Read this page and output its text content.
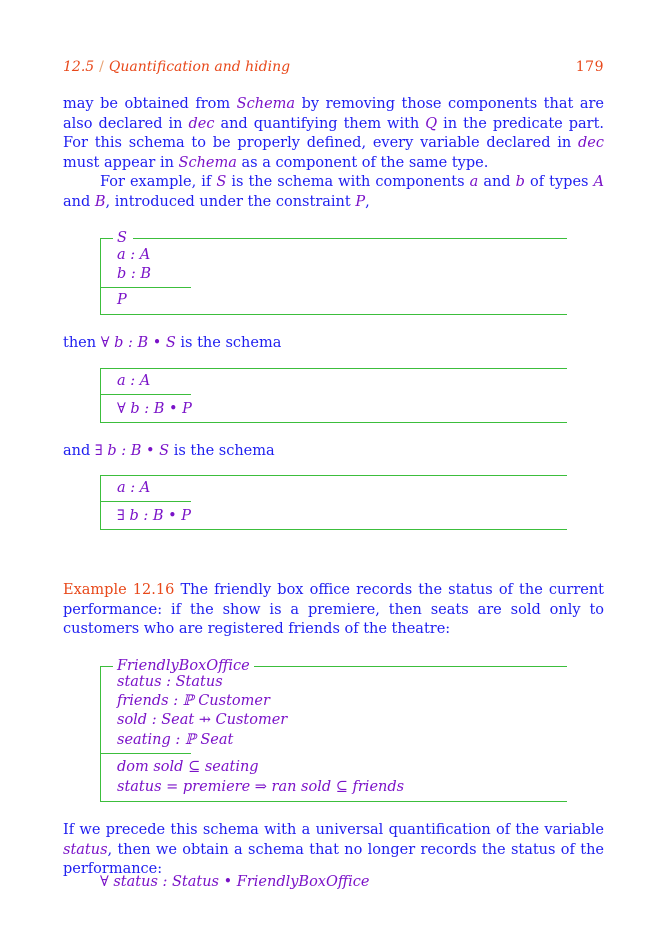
12.5 / Quantification and hiding	179

may be obtained from Schema by removing those components that are also declared in dec and quantifying them with Q in the predicate part. For this schema to be properly defined, every variable declared in dec must appear in Schema as a component of the same type.

For example, if S is the schema with components a and b of types A and B, introduced under the constraint P,

S
a : A
b : B
P

then ∀ b : B • S is the schema

a : A
∀ b : B • P

and ∃ b : B • S is the schema

a : A
∃ b : B • P

Example 12.16 The friendly box office records the status of the current performance: if the show is a premiere, then seats are sold only to customers who are registered friends of the theatre:

FriendlyBoxOffice
status : Status
friends : ℙ Customer
sold : Seat ⇸ Customer
seating : ℙ Seat
dom sold ⊆ seating
status = premiere ⇒ ran sold ⊆ friends

If we precede this schema with a universal quantification of the variable status, then we obtain a schema that no longer records the status of the performance:

∀ status : Status • FriendlyBoxOffice
